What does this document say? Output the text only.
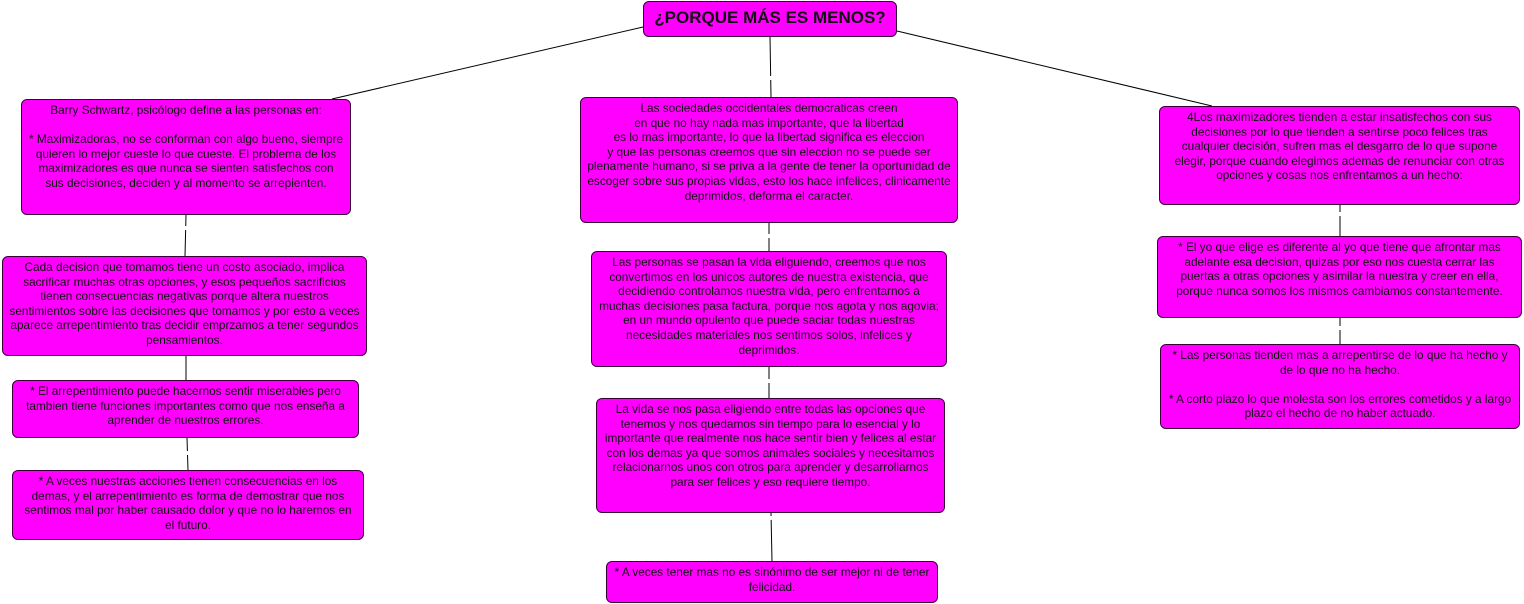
¿PORQUE MÁS ES MENOS?
Barry Schwartz, psicólogo define a las personas en:

* Maximizadoras, no se conforman con algo bueno, siempre quieren lo mejor cueste lo que cueste. El problema de los maximizadores es que nunca se sienten satisfechos con sus decisiones, deciden y al momento se arrepienten.
Cada decision que tomamos tiene un costo asociado, implica sacrificar muchas otras opciones, y esos pequeños sacrificios tienen consecuencias negativas porque altera nuestros sentimientos sobre las decisiones que tomamos y por esto a veces aparece arrepentimiento tras decidir emprzamos a tener segundos pensamientos.
* El arrepentimiento puede hacernos sentir miserables pero tambien tiene funciones importantes como que nos enseña a aprender de nuestros errores.
* A veces nuestras acciones tienen consecuencias en los demas, y el arrepentimiento es forma de demostrar que nos sentimos mal por haber causado dolor y que no lo haremos en el futuro.
Las sociedades occidentales democraticas creen
en que no hay nada mas importante, que la libertad
es lo mas importante, lo que la libertad significa es eleccion
y que las personas creemos que sin eleccion no se puede ser plenamente humano, si se priva a la gente de tener la oportunidad de escoger sobre sus propias vidas, esto los hace infelices, clinicamente deprimidos, deforma el caracter.
Las personas se pasan la vida eliguiendo, creemos que nos convertimos en los unicos autores de nuestra existencia, que decidiendo controlamos nuestra vida, pero enfrentarnos a muchas decisiones pasa factura, porque nos agota y nos agovia; en un mundo opulento que puede saciar todas nuestras necesidades materiales nos sentimos solos, infelices y deprimidos.
La vida se nos pasa eligiendo entre todas las opciones que tenemos y nos quedamos sin tiempo para lo esencial y lo importante que realmente nos hace sentir bien y felices al estar con los demas ya que somos animales sociales y necesitamos relacionarnos unos con otros para aprender y desarrollarnos para ser felices y eso requiere tiempo.
* A veces tener mas no es sinónimo de ser mejor ni de tener felicidad.
4Los maximizadores tienden a estar insatisfechos con sus decisiones por lo que tienden a sentirse poco felices tras cualquier decisión, sufren mas el desgarro de lo que supone elegir, porque cuando elegimos ademas de renunciar con otras opciones y cosas nos enfrentamos a un hecho:
* El yo que elige es diferente al yo que tiene que afrontar mas adelante esa decision, quizas por eso nos cuesta cerrar las puertas a otras opciones y asimilar la nuestra y creer en ella, porque nunca somos los mismos cambiamos constantemente.
* Las personas tienden mas a arrepentirse de lo que ha hecho y de lo que no ha hecho.

* A corto plazo lo que molesta son los errores cometidos y a largo plazo el hecho de no haber actuado.
